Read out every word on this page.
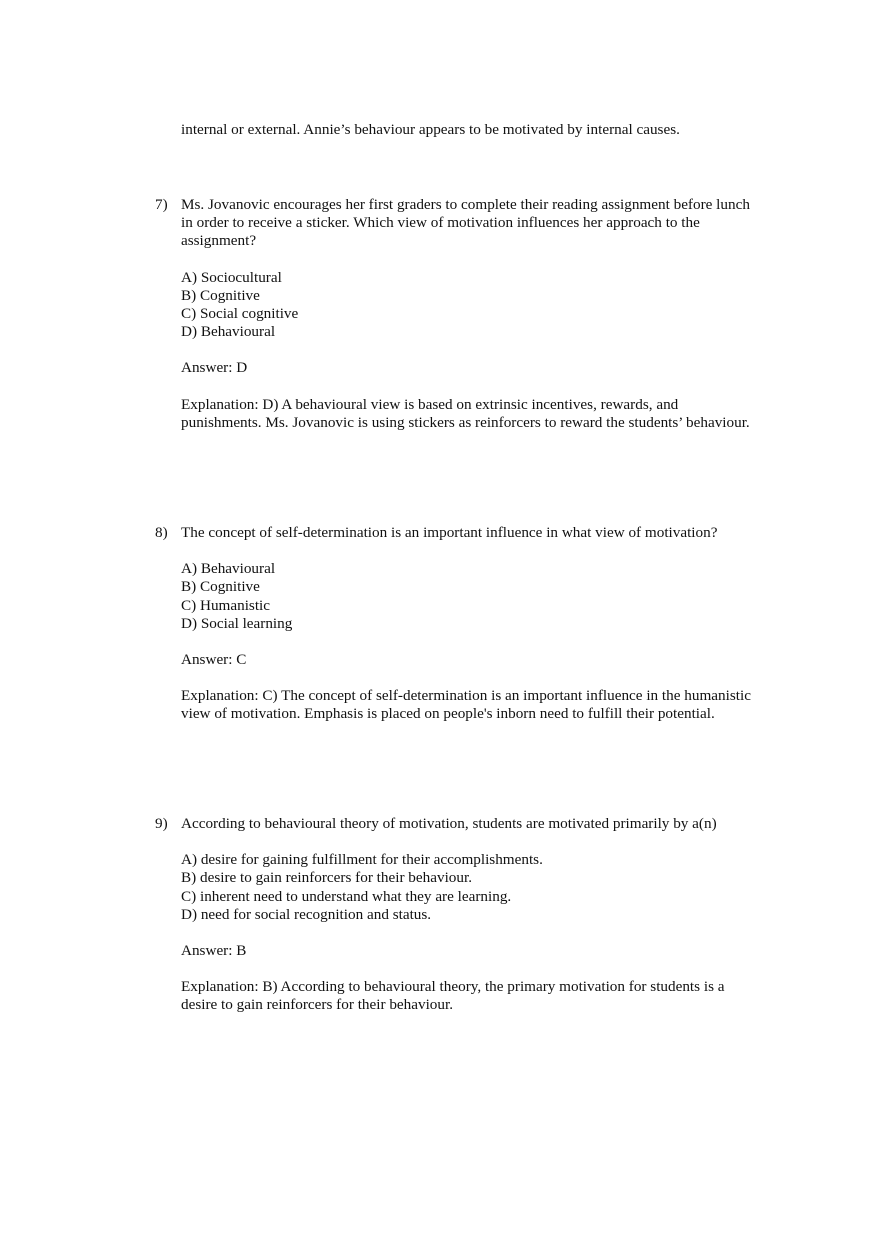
internal or external. Annie’s behaviour appears to be motivated by internal causes.

7) Ms. Jovanovic encourages her first graders to complete their reading assignment before lunch in order to receive a sticker. Which view of motivation influences her approach to the assignment?

A) Sociocultural
B) Cognitive
C) Social cognitive
D) Behavioural

Answer: D

Explanation: D) A behavioural view is based on extrinsic incentives, rewards, and punishments. Ms. Jovanovic is using stickers as reinforcers to reward the students’ behaviour.

8) The concept of self-determination is an important influence in what view of motivation?

A) Behavioural
B) Cognitive
C) Humanistic
D) Social learning

Answer: C

Explanation: C) The concept of self-determination is an important influence in the humanistic view of motivation. Emphasis is placed on people's inborn need to fulfill their potential.

9) According to behavioural theory of motivation, students are motivated primarily by a(n)

A) desire for gaining fulfillment for their accomplishments.
B) desire to gain reinforcers for their behaviour.
C) inherent need to understand what they are learning.
D) need for social recognition and status.

Answer: B

Explanation: B) According to behavioural theory, the primary motivation for students is a desire to gain reinforcers for their behaviour.
